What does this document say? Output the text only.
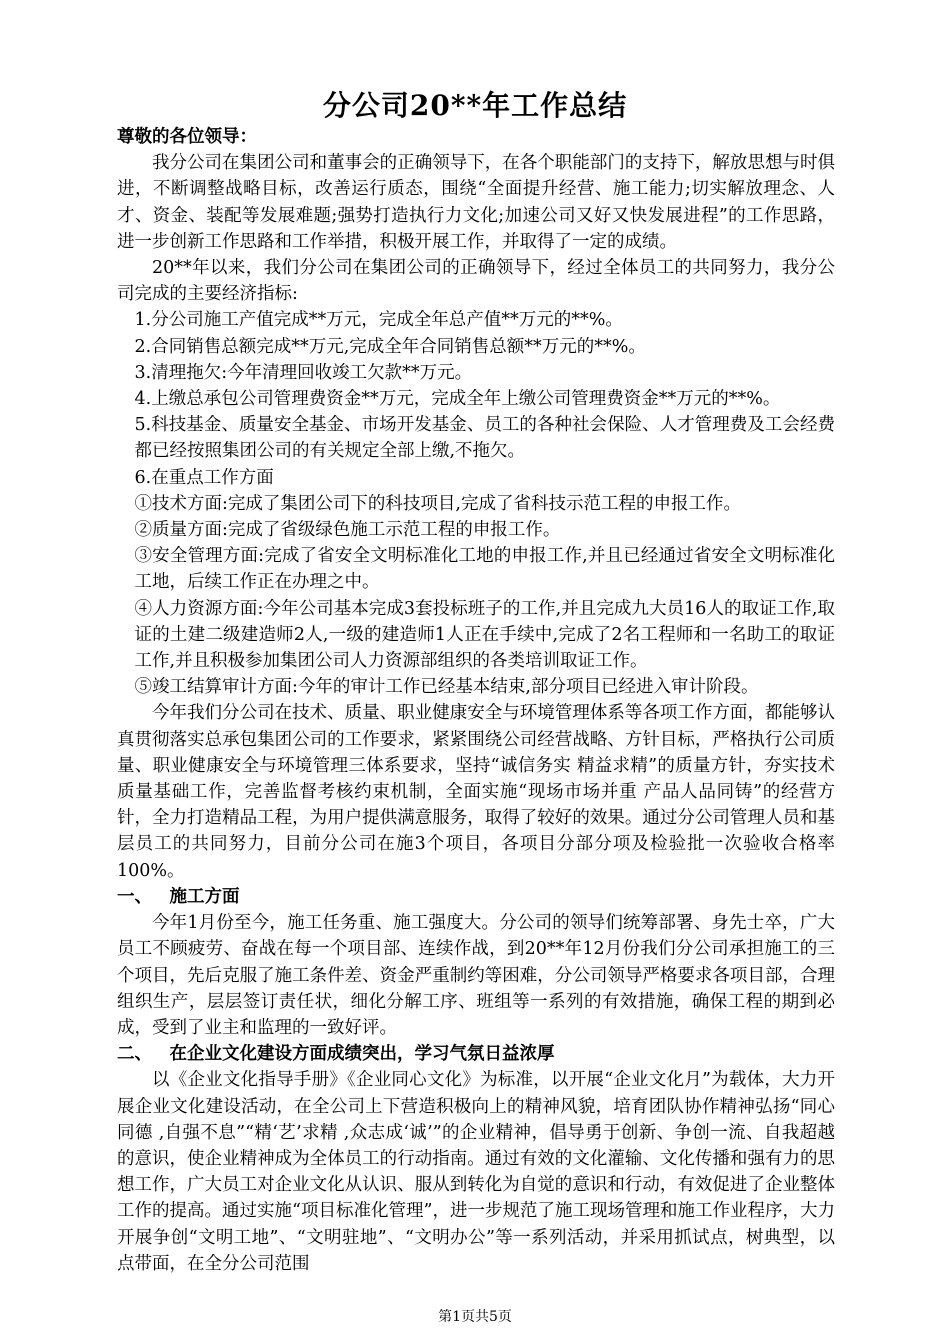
分公司20**年工作总结
尊敬的各位领导：

我分公司在集团公司和董事会的正确领导下，在各个职能部门的支持下，解放思想与时俱进，不断调整战略目标，改善运行质态，围绕“全面提升经营、施工能力;切实解放理念、人才、资金、装配等发展难题;强势打造执行力文化;加速公司又好又快发展进程”的工作思路，进一步创新工作思路和工作举措，积极开展工作，并取得了一定的成绩。

20**年以来，我们分公司在集团公司的正确领导下，经过全体员工的共同努力，我分公司完成的主要经济指标:

1.分公司施工产值完成**万元，完成全年总产值**万元的**%。

2.合同销售总额完成**万元,完成全年合同销售总额**万元的**%。

3.清理拖欠:今年清理回收竣工欠款**万元。

4.上缴总承包公司管理费资金**万元，完成全年上缴公司管理费资金**万元的**%。

5.科技基金、质量安全基金、市场开发基金、员工的各种社会保险、人才管理费及工会经费都已经按照集团公司的有关规定全部上缴,不拖欠。

6.在重点工作方面

①技术方面:完成了集团公司下的科技项目,完成了省科技示范工程的申报工作。

②质量方面:完成了省级绿色施工示范工程的申报工作。

③安全管理方面:完成了省安全文明标准化工地的申报工作,并且已经通过省安全文明标准化工地，后续工作正在办理之中。

④人力资源方面:今年公司基本完成3套投标班子的工作,并且完成九大员16人的取证工作,取证的土建二级建造师2人,一级的建造师1人正在手续中,完成了2名工程师和一名助工的取证工作,并且积极参加集团公司人力资源部组织的各类培训取证工作。

⑤竣工结算审计方面:今年的审计工作已经基本结束,部分项目已经进入审计阶段。

今年我们分公司在技术、质量、职业健康安全与环境管理体系等各项工作方面，都能够认真贯彻落实总承包集团公司的工作要求，紧紧围绕公司经营战略、方针目标，严格执行公司质量、职业健康安全与环境管理三体系要求，坚持“诚信务实 精益求精”的质量方针，夯实技术质量基础工作，完善监督考核约束机制，全面实施“现场市场并重 产品人品同铸”的经营方针，全力打造精品工程，为用户提供满意服务，取得了较好的效果。通过分公司管理人员和基层员工的共同努力，目前分公司在施3个项目，各项目分部分项及检验批一次验收合格率100%。

一、 施工方面

今年1月份至今，施工任务重、施工强度大。分公司的领导们统筹部署、身先士卒，广大员工不顾疲劳、奋战在每一个项目部、连续作战，到20**年12月份我们分公司承担施工的三个项目，先后克服了施工条件差、资金严重制约等困难，分公司领导严格要求各项目部，合理组织生产，层层签订责任状，细化分解工序、班组等一系列的有效措施，确保工程的期到必成，受到了业主和监理的一致好评。

二、 在企业文化建设方面成绩突出，学习气氛日益浓厚

以《企业文化指导手册》《企业同心文化》为标准，以开展“企业文化月”为载体，大力开展企业文化建设活动，在全公司上下营造积极向上的精神风貌，培育团队协作精神弘扬“同心同德 ,自强不息”“精‘艺’求精 ,众志成‘诚’”的企业精神，倡导勇于创新、争创一流、自我超越的意识，使企业精神成为全体员工的行动指南。通过有效的文化灌输、文化传播和强有力的思想工作，广大员工对企业文化从认识、服从到转化为自觉的意识和行动，有效促进了企业整体工作的提高。通过实施“项目标准化管理”，进一步规范了施工现场管理和施工作业程序，大力开展争创“文明工地”、“文明驻地”、“文明办公”等一系列活动，并采用抓试点，树典型，以点带面，在全分公司范围

第1页共5页
